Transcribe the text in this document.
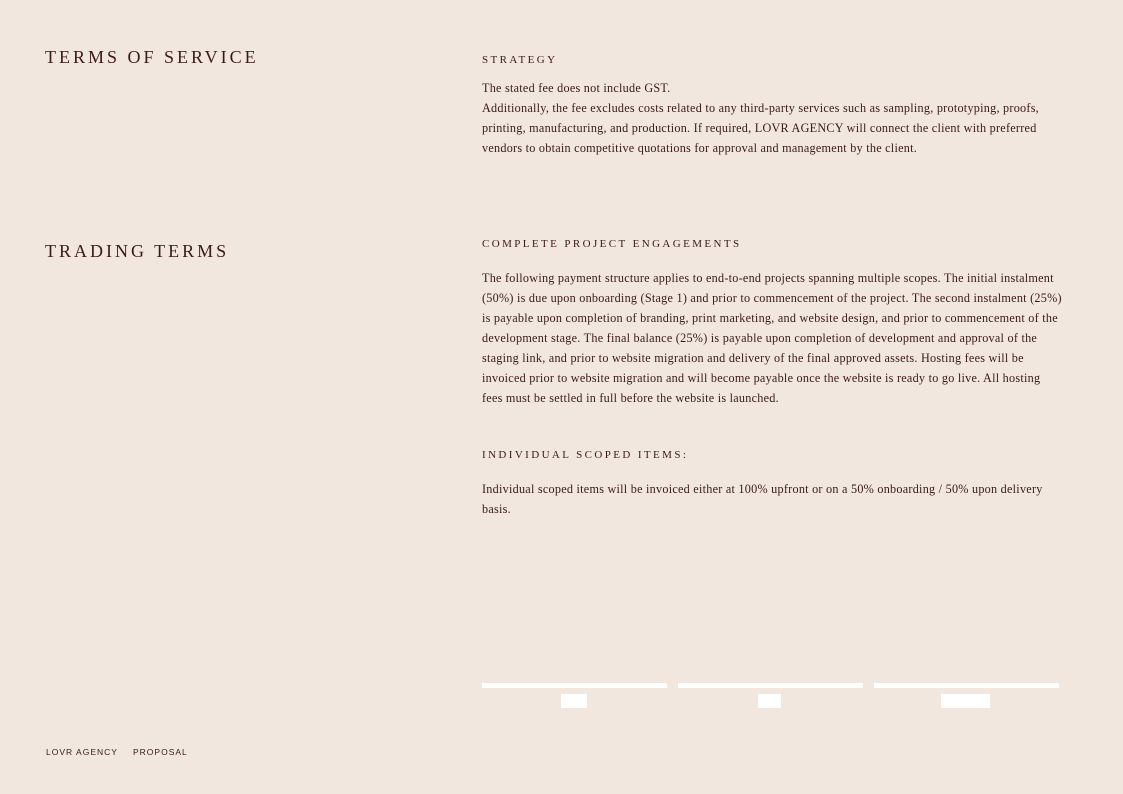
TERMS OF SERVICE
TRADING TERMS
STRATEGY

The stated fee does not include GST.

Additionally, the fee excludes costs related to any third-party services such as sampling, prototyping, proofs, printing, manufacturing, and production. If required, LOVR AGENCY will connect the client with preferred vendors to obtain competitive quotations for approval and management by the client.

COMPLETE PROJECT ENGAGEMENTS

The following payment structure applies to end-to-end projects spanning multiple scopes. The initial instalment (50%) is due upon onboarding (Stage 1) and prior to commencement of the project. The second instalment (25%) is payable upon completion of branding, print marketing, and website design, and prior to commencement of the development stage. The final balance (25%) is payable upon completion of development and approval of the staging link, and prior to website migration and delivery of the final approved assets. Hosting fees will be invoiced prior to website migration and will become payable once the website is ready to go live. All hosting fees must be settled in full before the website is launched.

INDIVIDUAL SCOPED ITEMS:

Individual scoped items will be invoiced either at 100% upfront or on a 50% onboarding / 50% upon delivery basis.

LOVR AGENCY PROPOSAL
